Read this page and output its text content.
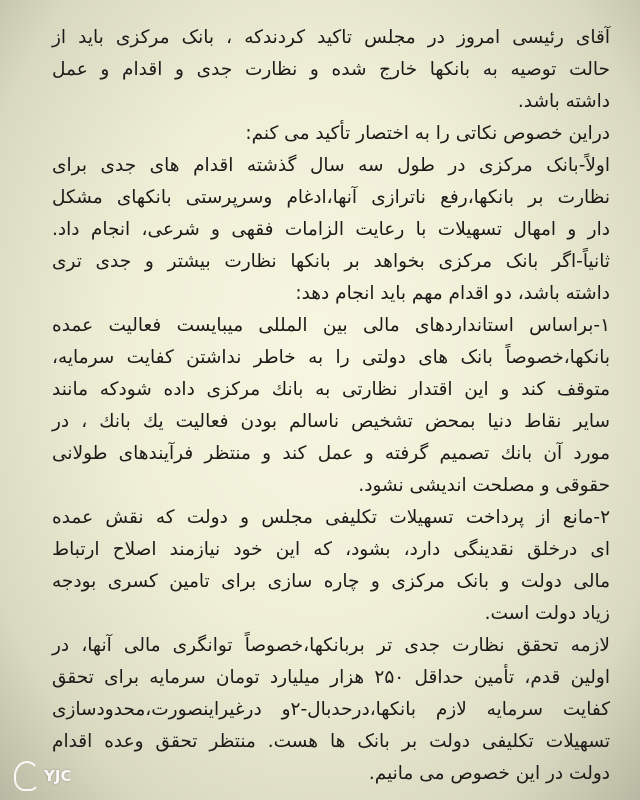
آقای رئیسی امروز در مجلس تاکید کردندکه ، بانک مرکزی باید از
حالت توصیه به بانکها خارج شده و نظارت جدی و اقدام و عمل
داشته باشد.
دراین خصوص نکاتی را به اختصار تأکید می کنم:
اولاً-بانک مرکزی در طول سه سال گذشته اقدام های جدی برای
نظارت بر بانکها،رفع ناترازی آنها،ادغام وسرپرستی بانکهای مشکل
دار و امهال تسهیلات با رعایت الزامات فقهی و شرعی، انجام داد.
ثانیاً-اگر بانک مرکزی بخواهد بر بانکها نظارت بیشتر و جدی تری
داشته باشد، دو اقدام مهم باید انجام دهد:
۱-براساس استانداردهای مالی بین المللی میبایست فعالیت عمده
بانکها،خصوصاً بانک های دولتی را به خاطر نداشتن کفایت سرمایه،
متوقف کند و این اقتدار نظارتی به بانك مرکزی داده شودکه مانند
سایر نقاط دنیا بمحض تشخیص ناسالم بودن فعالیت يك بانك ، در
مورد آن بانك تصمیم گرفته و عمل کند و منتظر فرآیندهای طولانی
حقوقی و مصلحت اندیشی نشود.
۲-مانع از پرداخت تسهیلات تکلیفی مجلس و دولت که نقش عمده
ای درخلق نقدینگی دارد، بشود، که این خود نیازمند اصلاح ارتباط
مالی دولت و بانک مرکزی و چاره سازی برای تامین کسری بودجه
زیاد دولت است.
لازمه تحقق نظارت جدی تر بربانکها،خصوصاً توانگری مالی آنها، در
اولین قدم، تأمین حداقل ۲۵۰ هزار میلیارد تومان سرمایه برای تحقق
کفایت سرمایه لازم بانکها،درحدبال-۲و درغیراینصورت،محدودسازی
تسهیلات تکلیفی دولت بر بانک ها هست. منتظر تحقق وعده اقدام
دولت در این خصوص می مانیم.
YJC
